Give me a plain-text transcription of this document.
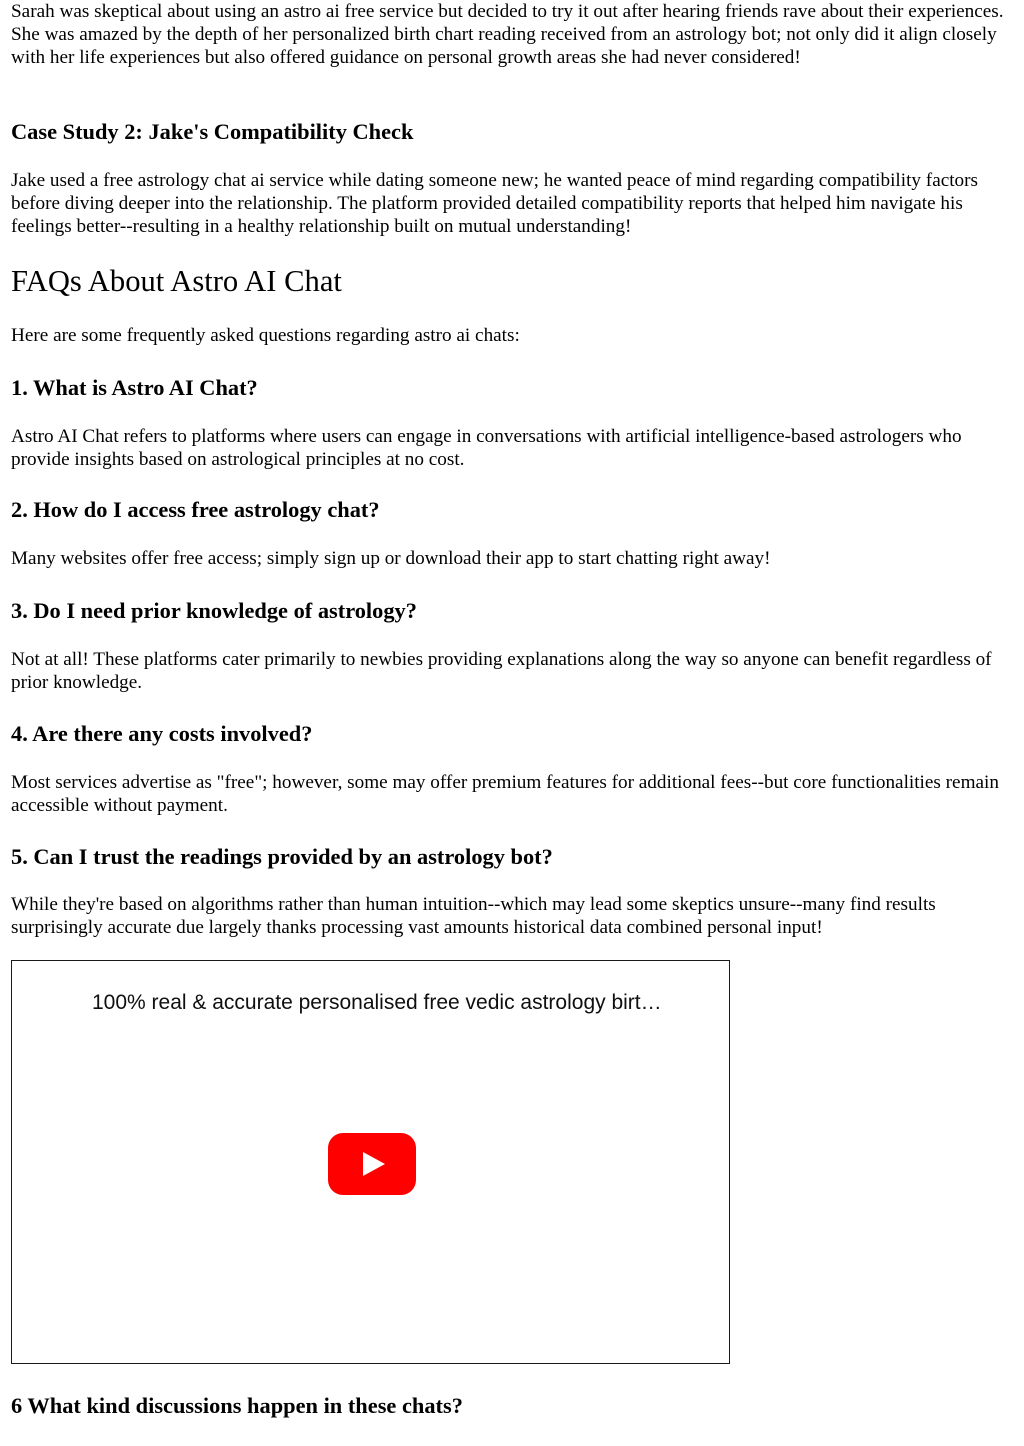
Sarah was skeptical about using an astro ai free service but decided to try it out after hearing friends rave about their experiences. She was amazed by the depth of her personalized birth chart reading received from an astrology bot; not only did it align closely with her life experiences but also offered guidance on personal growth areas she had never considered!

Case Study 2: Jake's Compatibility Check

Jake used a free astrology chat ai service while dating someone new; he wanted peace of mind regarding compatibility factors before diving deeper into the relationship. The platform provided detailed compatibility reports that helped him navigate his feelings better--resulting in a healthy relationship built on mutual understanding!

FAQs About Astro AI Chat

Here are some frequently asked questions regarding astro ai chats:

1. What is Astro AI Chat?

Astro AI Chat refers to platforms where users can engage in conversations with artificial intelligence-based astrologers who provide insights based on astrological principles at no cost.

2. How do I access free astrology chat?

Many websites offer free access; simply sign up or download their app to start chatting right away!

3. Do I need prior knowledge of astrology?

Not at all! These platforms cater primarily to newbies providing explanations along the way so anyone can benefit regardless of prior knowledge.

4. Are there any costs involved?

Most services advertise as "free"; however, some may offer premium features for additional fees--but core functionalities remain accessible without payment.

5. Can I trust the readings provided by an astrology bot?

While they're based on algorithms rather than human intuition--which may lead some skeptics unsure--many find results surprisingly accurate due largely thanks processing vast amounts historical data combined personal input!

100% real & accurate personalised free vedic astrology birt…
6 What kind discussions happen in these chats?
